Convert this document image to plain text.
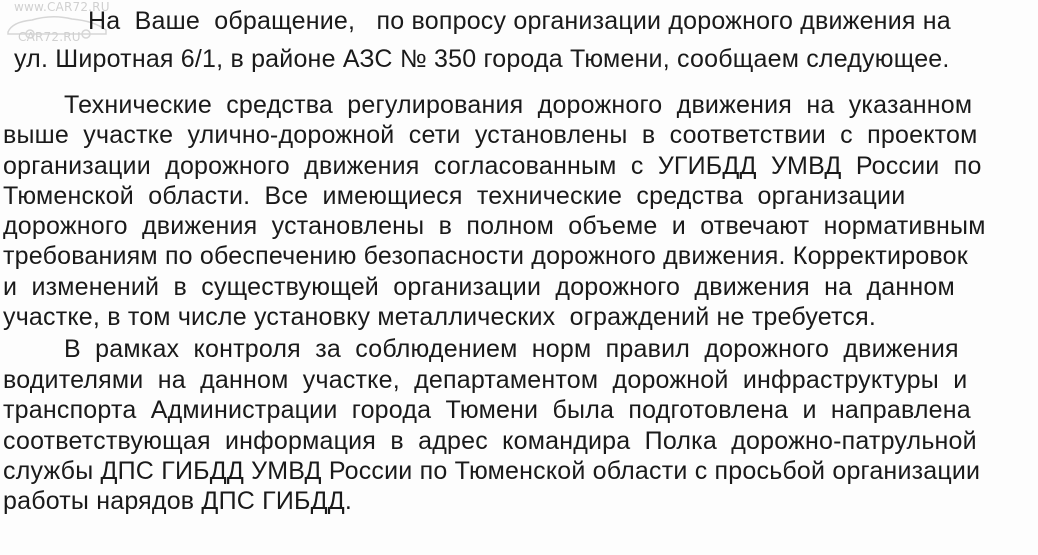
www.CAR72.RU
CAR72.RU
На  Ваше  обращение,   по вопросу организации дорожного движения на
ул. Широтная 6/1, в районе АЗС № 350 города Тюмени, сообщаем следующее.
Технические  средства  регулирования  дорожного  движения  на  указанном
выше  участке  улично-дорожной  сети  установлены  в  соответствии  с  проектом
организации  дорожного  движения  согласованным  с  УГИБДД  УМВД  России  по
Тюменской  области.  Все  имеющиеся  технические  средства  организации
дорожного  движения  установлены  в  полном  объеме  и  отвечают  нормативным
требованиям по обеспечению безопасности дорожного движения. Корректировок
и  изменений  в  существующей  организации  дорожного  движения  на  данном
участке, в том числе установку металлических  ограждений не требуется.
В  рамках  контроля  за  соблюдением  норм  правил  дорожного  движения
водителями  на  данном  участке,  департаментом  дорожной  инфраструктуры  и
транспорта  Администрации  города  Тюмени  была  подготовлена  и  направлена
соответствующая  информация  в  адрес  командира  Полка  дорожно-патрульной
службы ДПС ГИБДД УМВД России по Тюменской области с просьбой организации
работы нарядов ДПС ГИБДД.
